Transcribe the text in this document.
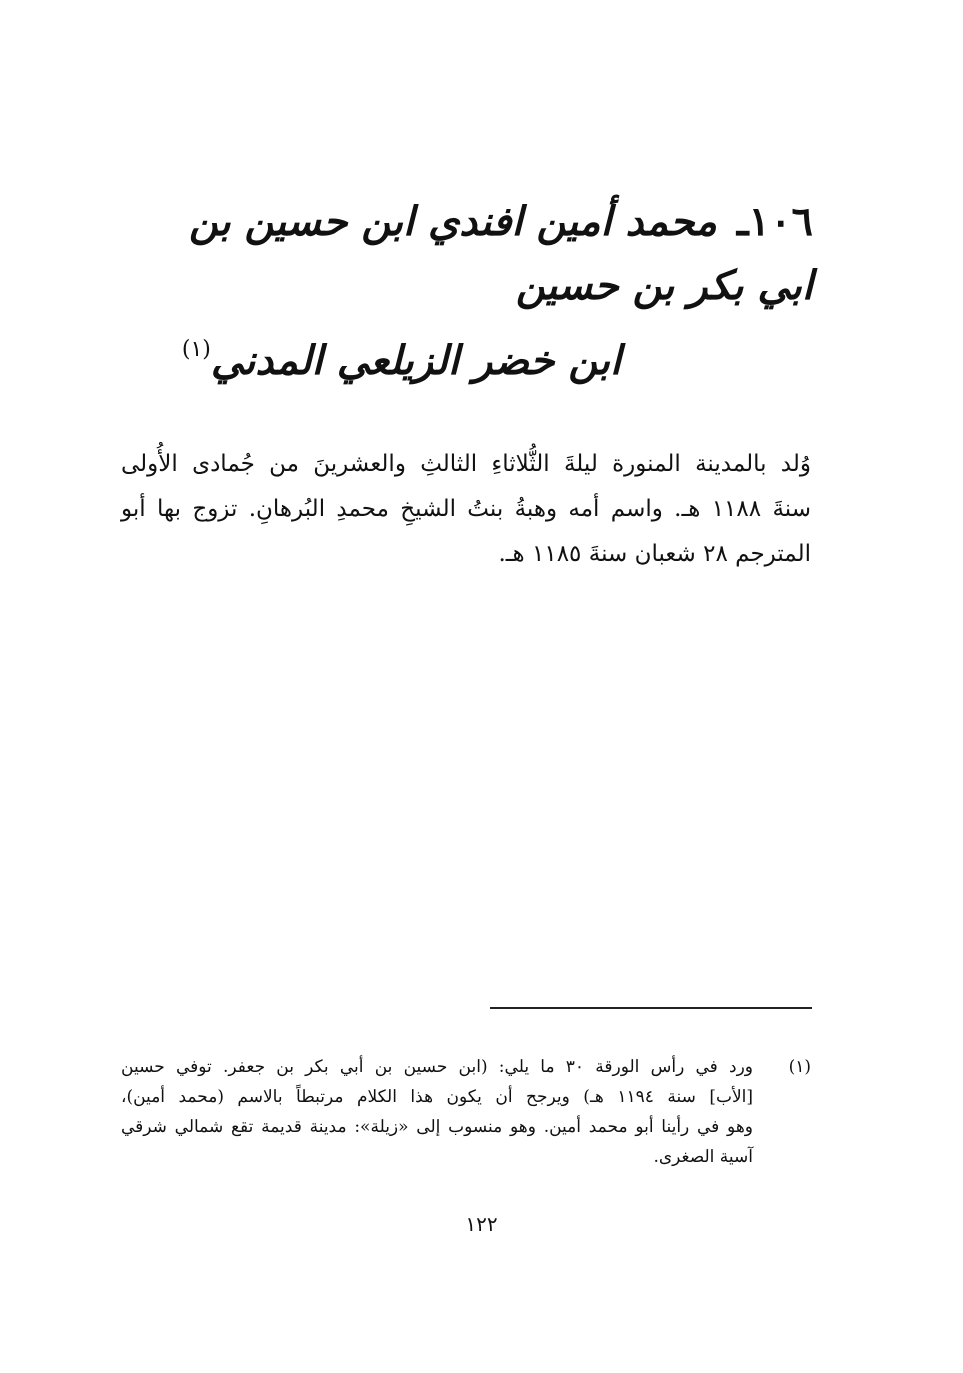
١٠٦ـ محمد أمين افندي ابن حسين بن ابي بكر بن حسين
ابن خضر الزيلعي المدني$^{(١)}$
وُلد بالمدينة المنورة ليلةَ الثُّلاثاءِ الثالثِ والعشرينَ من جُمادى الأُولى
سنةَ ١١٨٨ هـ. واسم أمه وهبةُ بنتُ الشيخِ محمدِ البُرهانِ. تزوج بها أبو
المترجم ٢٨ شعبان سنةَ ١١٨٥ هـ.
(١)
ورد في رأس الورقة ٣٠ ما يلي: (ابن حسين بن أبي بكر بن جعفر. توفي حسين
[الأب] سنة ١١٩٤ هـ) ويرجح أن يكون هذا الكلام مرتبطاً بالاسم (محمد أمين)،
وهو في رأينا أبو محمد أمين. وهو منسوب إلى «زيلة»: مدينة قديمة تقع شمالي شرقي
آسية الصغرى.
١٢٢
